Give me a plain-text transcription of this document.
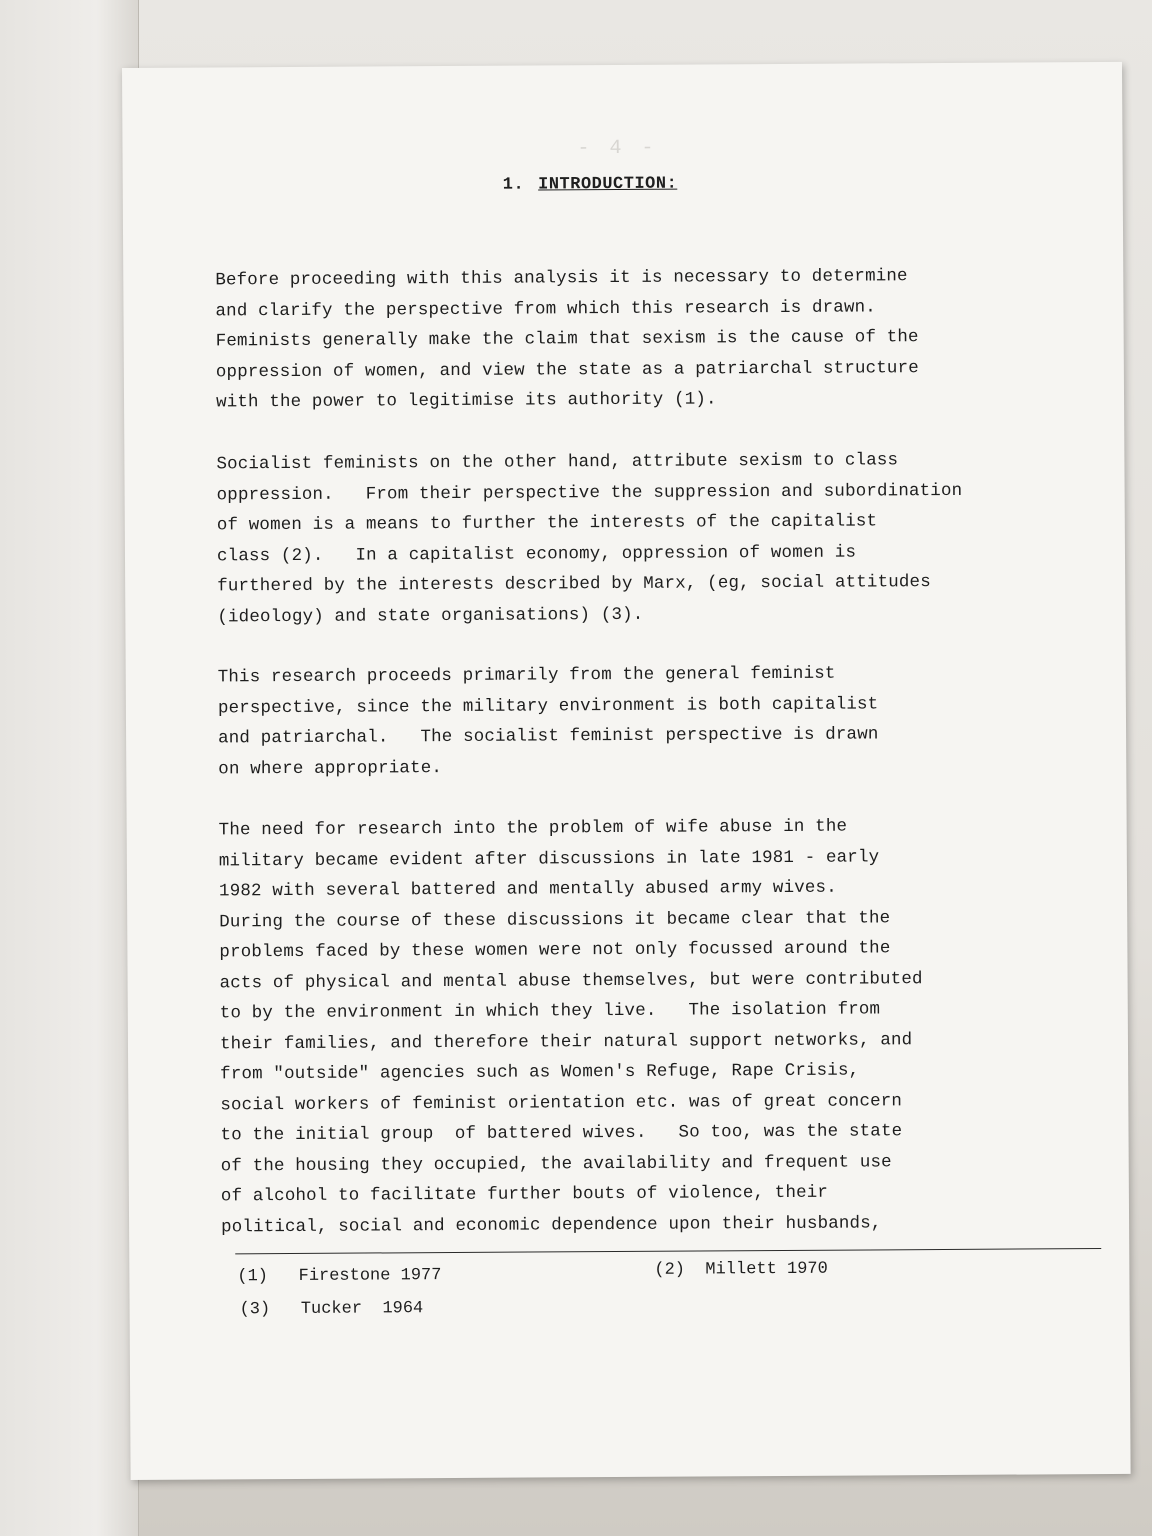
- 4 -
1. INTRODUCTION:
Before proceeding with this analysis it is necessary to determine
and clarify the perspective from which this research is drawn.
Feminists generally make the claim that sexism is the cause of the
oppression of women, and view the state as a patriarchal structure
with the power to legitimise its authority (1).
Socialist feminists on the other hand, attribute sexism to class
oppression.   From their perspective the suppression and subordination
of women is a means to further the interests of the capitalist
class (2).   In a capitalist economy, oppression of women is
furthered by the interests described by Marx, (eg, social attitudes
(ideology) and state organisations) (3).
This research proceeds primarily from the general feminist
perspective, since the military environment is both capitalist
and patriarchal.   The socialist feminist perspective is drawn
on where appropriate.
The need for research into the problem of wife abuse in the
military became evident after discussions in late 1981 - early
1982 with several battered and mentally abused army wives.
During the course of these discussions it became clear that the
problems faced by these women were not only focussed around the
acts of physical and mental abuse themselves, but were contributed
to by the environment in which they live.   The isolation from
their families, and therefore their natural support networks, and
from "outside" agencies such as Women's Refuge, Rape Crisis,
social workers of feminist orientation etc. was of great concern
to the initial group  of battered wives.   So too, was the state
of the housing they occupied, the availability and frequent use
of alcohol to facilitate further bouts of violence, their
political, social and economic dependence upon their husbands,
(1) Firestone 1977	(2) Millett 1970
(3) Tucker  1964
